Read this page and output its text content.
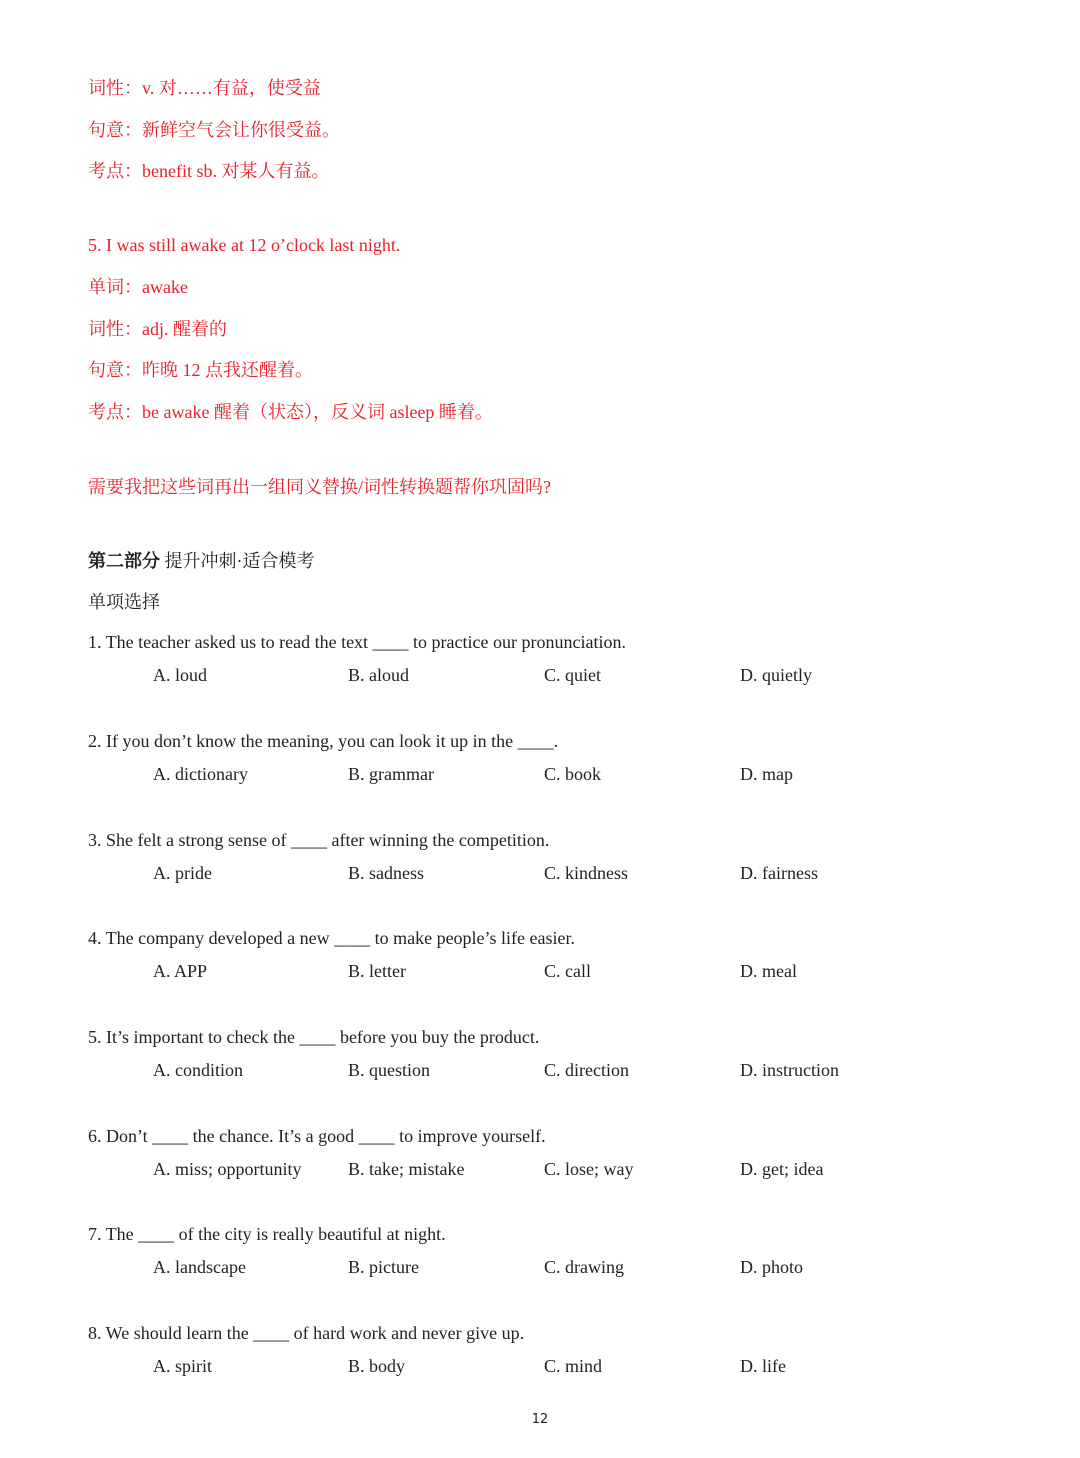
词性：v. 对……有益，使受益
句意：新鲜空气会让你很受益。
考点：benefit sb. 对某人有益。
5. I was still awake at 12 o’clock last night.
单词：awake
词性：adj. 醒着的
句意：昨晚 12 点我还醒着。
考点：be awake 醒着（状态），反义词 asleep 睡着。
需要我把这些词再出一组同义替换/词性转换题帮你巩固吗?
第二部分 提升冲刺·适合模考
单项选择
1. The teacher asked us to read the text ____ to practice our pronunciation.
A. loud	B. aloud	C. quiet	D. quietly
2. If you don’t know the meaning, you can look it up in the ____.
A. dictionary	B. grammar	C. book	D. map
3. She felt a strong sense of ____ after winning the competition.
A. pride	B. sadness	C. kindness	D. fairness
4. The company developed a new ____ to make people’s life easier.
A. APP	B. letter	C. call	D. meal
5. It’s important to check the ____ before you buy the product.
A. condition	B. question	C. direction	D. instruction
6. Don’t ____ the chance. It’s a good ____ to improve yourself.
A. miss; opportunity	B. take; mistake	C. lose; way	D. get; idea
7. The ____ of the city is really beautiful at night.
A. landscape	B. picture	C. drawing	D. photo
8. We should learn the ____ of hard work and never give up.
A. spirit	B. body	C. mind	D. life
12
